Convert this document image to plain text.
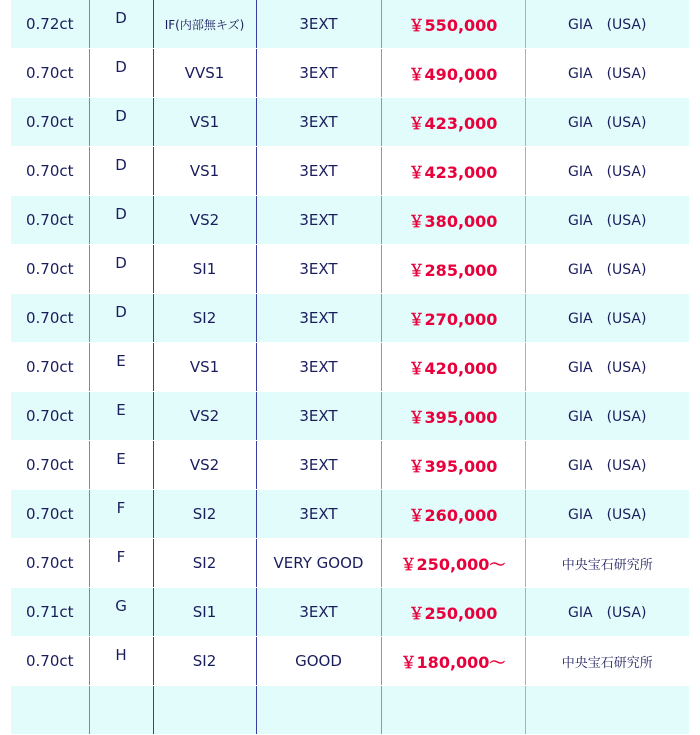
0.72ct	D	IF(内部無キズ)	3EXT	￥550,000	GIA　(USA)
0.70ct	D	VVS1	3EXT	￥490,000	GIA　(USA)
0.70ct	D	VS1	3EXT	￥423,000	GIA　(USA)
0.70ct	D	VS1	3EXT	￥423,000	GIA　(USA)
0.70ct	D	VS2	3EXT	￥380,000	GIA　(USA)
0.70ct	D	SI1	3EXT	￥285,000	GIA　(USA)
0.70ct	D	SI2	3EXT	￥270,000	GIA　(USA)
0.70ct	E	VS1	3EXT	￥420,000	GIA　(USA)
0.70ct	E	VS2	3EXT	￥395,000	GIA　(USA)
0.70ct	E	VS2	3EXT	￥395,000	GIA　(USA)
0.70ct	F	SI2	3EXT	￥260,000	GIA　(USA)
0.70ct	F	SI2	VERY GOOD	￥250,000〜	中央宝石研究所
0.71ct	G	SI1	3EXT	￥250,000	GIA　(USA)
0.70ct	H	SI2	GOOD	￥180,000〜	中央宝石研究所
